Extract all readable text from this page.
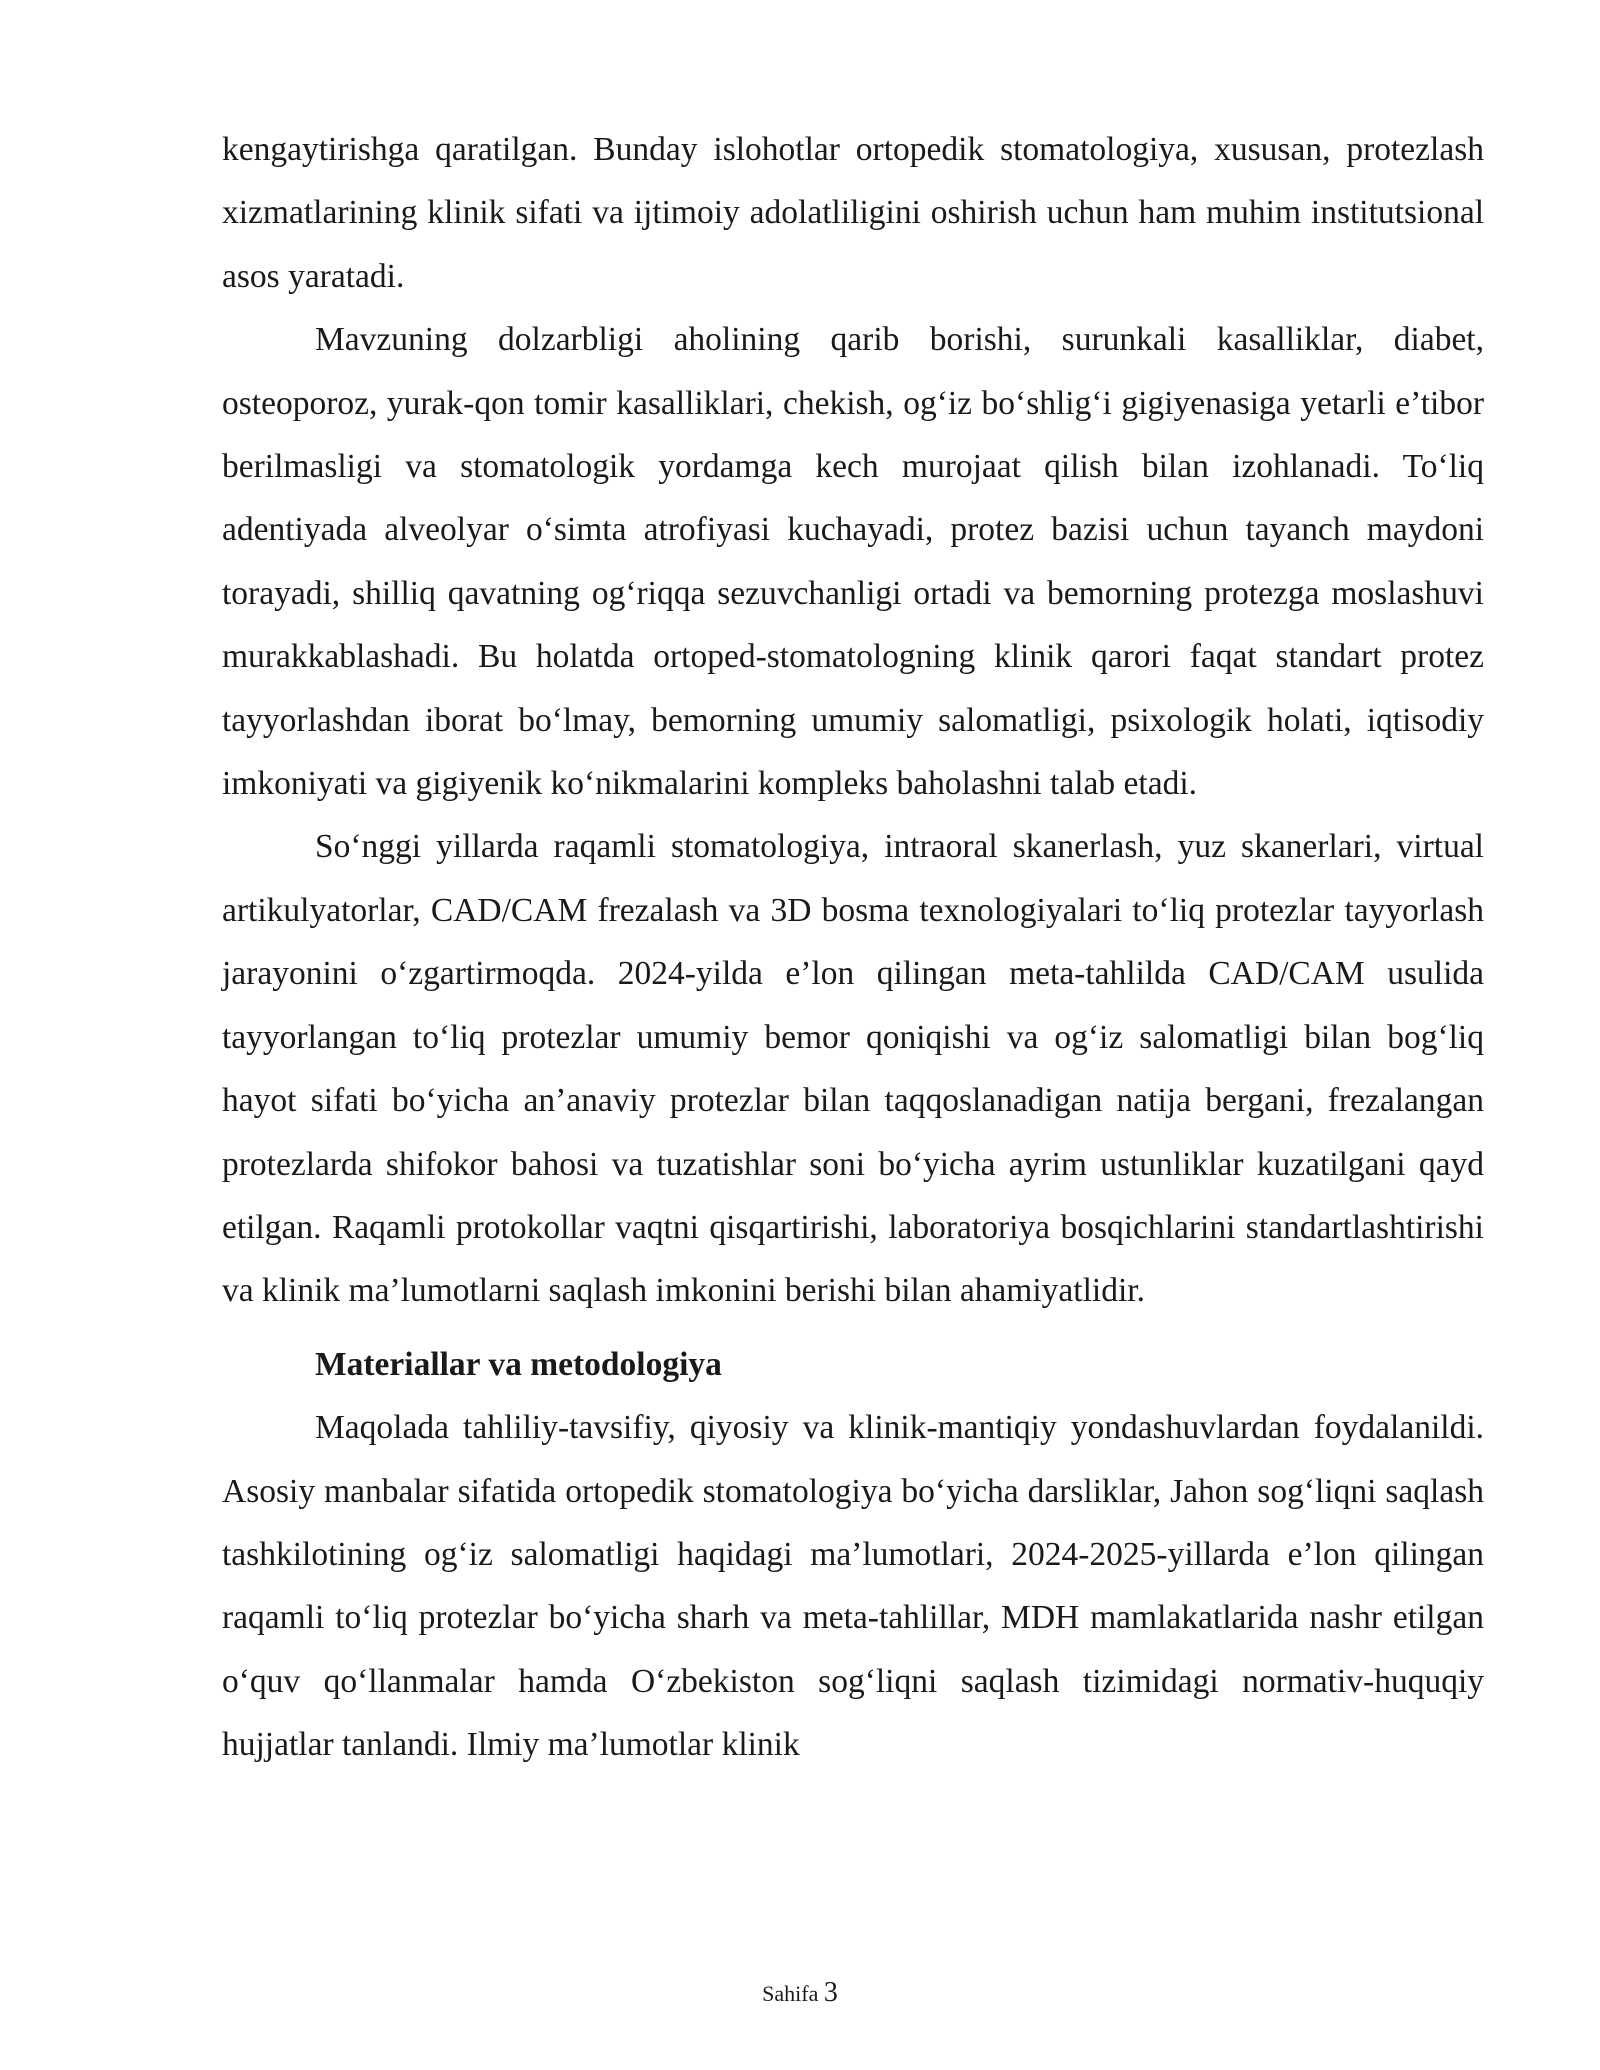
kengaytirishga qaratilgan. Bunday islohotlar ortopedik stomatologiya, xususan, protezlash xizmatlarining klinik sifati va ijtimoiy adolatliligini oshirish uchun ham muhim institutsional asos yaratadi.

Mavzuning dolzarbligi aholining qarib borishi, surunkali kasalliklar, diabet, osteoporoz, yurak-qon tomir kasalliklari, chekish, og‘iz bo‘shlig‘i gigiyenasiga yetarli e’tibor berilmasligi va stomatologik yordamga kech murojaat qilish bilan izohlanadi. To‘liq adentiyada alveolyar o‘simta atrofiyasi kuchayadi, protez bazisi uchun tayanch maydoni torayadi, shilliq qavatning og‘riqqa sezuvchanligi ortadi va bemorning protezga moslashuvi murakkablashadi. Bu holatda ortoped-stomatologning klinik qarori faqat standart protez tayyorlashdan iborat bo‘lmay, bemorning umumiy salomatligi, psixologik holati, iqtisodiy imkoniyati va gigiyenik ko‘nikmalarini kompleks baholashni talab etadi.

So‘nggi yillarda raqamli stomatologiya, intraoral skanerlash, yuz skanerlari, virtual artikulyatorlar, CAD/CAM frezalash va 3D bosma texnologiyalari to‘liq protezlar tayyorlash jarayonini o‘zgartirmoqda. 2024-yilda e’lon qilingan meta-tahlilda CAD/CAM usulida tayyorlangan to‘liq protezlar umumiy bemor qoniqishi va og‘iz salomatligi bilan bog‘liq hayot sifati bo‘yicha an’anaviy protezlar bilan taqqoslanadigan natija bergani, frezalangan protezlarda shifokor bahosi va tuzatishlar soni bo‘yicha ayrim ustunliklar kuzatilgani qayd etilgan. Raqamli protokollar vaqtni qisqartirishi, laboratoriya bosqichlarini standartlashtirishi va klinik ma’lumotlarni saqlash imkonini berishi bilan ahamiyatlidir.

Materiallar va metodologiya

Maqolada tahliliy-tavsifiy, qiyosiy va klinik-mantiqiy yondashuvlardan foydalanildi. Asosiy manbalar sifatida ortopedik stomatologiya bo‘yicha darsliklar, Jahon sog‘liqni saqlash tashkilotining og‘iz salomatligi haqidagi ma’lumotlari, 2024-2025-yillarda e’lon qilingan raqamli to‘liq protezlar bo‘yicha sharh va meta-tahlillar, MDH mamlakatlarida nashr etilgan o‘quv qo‘llanmalar hamda O‘zbekiston sog‘liqni saqlash tizimidagi normativ-huquqiy hujjatlar tanlandi. Ilmiy ma’lumotlar klinik

Sahifa 3
